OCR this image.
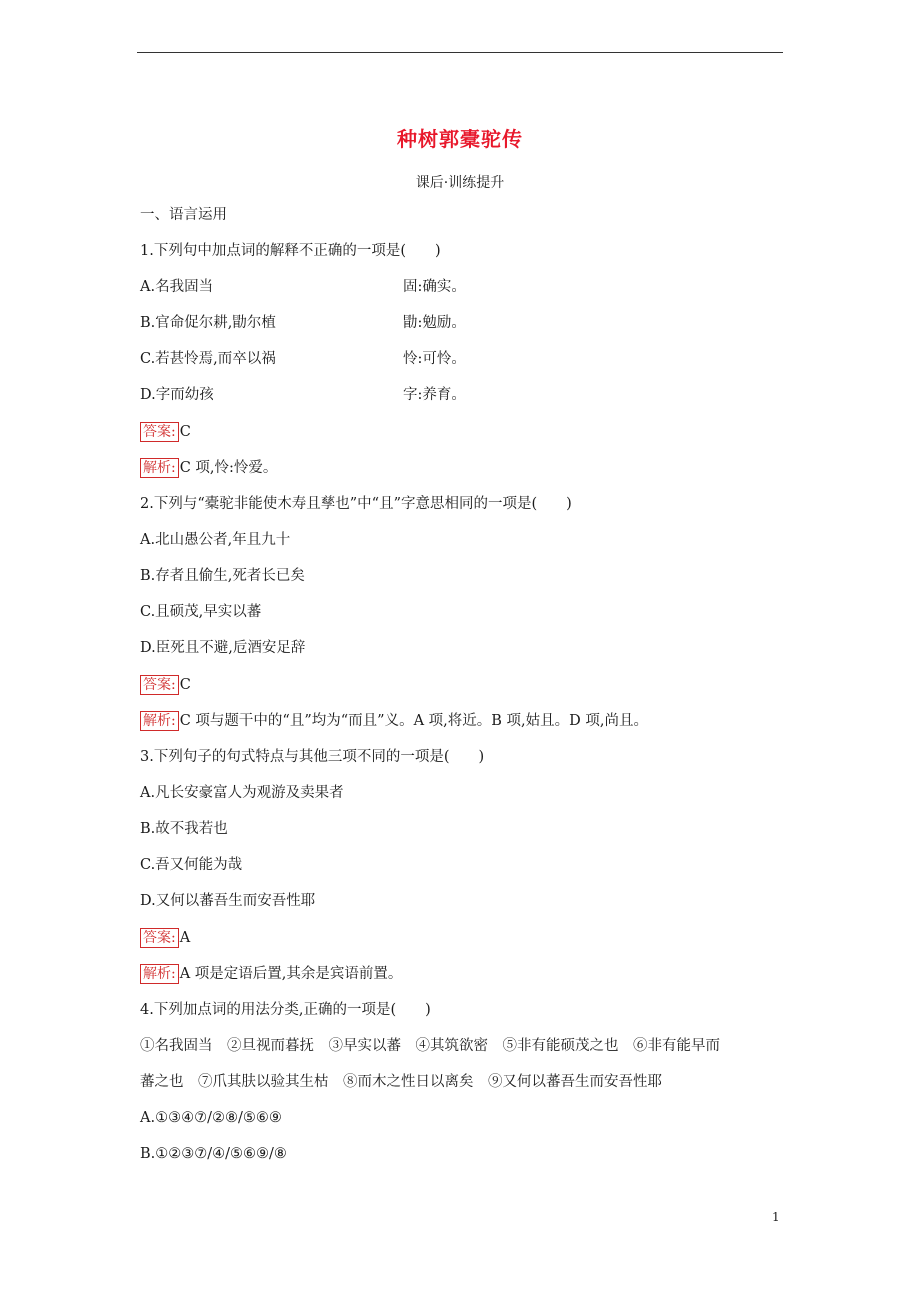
种树郭橐驼传
课后·训练提升
一、语言运用
1.下列句中加点词的解释不正确的一项是(　　)
A.名我固当	固:确实。
B.官命促尔耕,勖尔植	勖:勉励。
C.若甚怜焉,而卒以祸	怜:可怜。
D.字而幼孩	字:养育。
答案: C
解析: C 项,怜:怜爱。
2.下列与“橐驼非能使木寿且孳也”中“且”字意思相同的一项是(　　)
A.北山愚公者,年且九十
B.存者且偷生,死者长已矣
C.且硕茂,早实以蕃
D.臣死且不避,卮酒安足辞
答案: C
解析: C 项与题干中的“且”均为“而且”义。A 项,将近。B 项,姑且。D 项,尚且。
3.下列句子的句式特点与其他三项不同的一项是(　　)
A.凡长安豪富人为观游及卖果者
B.故不我若也
C.吾又何能为哉
D.又何以蕃吾生而安吾性耶
答案: A
解析: A 项是定语后置,其余是宾语前置。
4.下列加点词的用法分类,正确的一项是(　　)
①名我固当　②旦视而暮抚　③早实以蕃　④其筑欲密　⑤非有能硕茂之也　⑥非有能早而
蕃之也　⑦爪其肤以验其生枯　⑧而木之性日以离矣　⑨又何以蕃吾生而安吾性耶
A.①③④⑦/②⑧/⑤⑥⑨
B.①②③⑦/④/⑤⑥⑨/⑧
1
